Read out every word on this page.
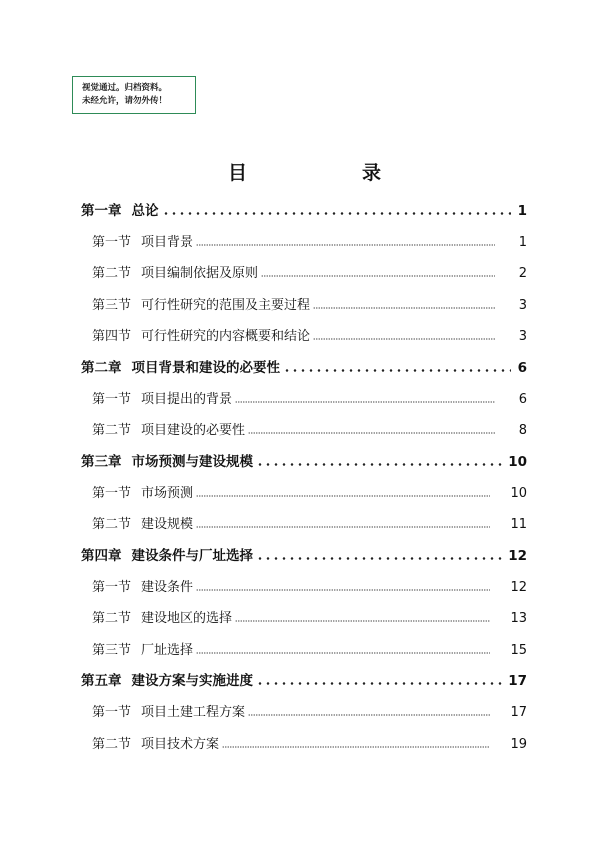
视觉通过。归档资料。
未经允许，请勿外传！
目	录
第一章 总论	1
第一节 项目背景	1
第二节 项目编制依据及原则	2
第三节 可行性研究的范围及主要过程	3
第四节 可行性研究的内容概要和结论	3
第二章 项目背景和建设的必要性	6
第一节 项目提出的背景	6
第二节 项目建设的必要性	8
第三章 市场预测与建设规模	10
第一节 市场预测	10
第二节 建设规模	11
第四章 建设条件与厂址选择	12
第一节 建设条件	12
第二节 建设地区的选择	13
第三节 厂址选择	15
第五章 建设方案与实施进度	17
第一节 项目土建工程方案	17
第二节 项目技术方案	19
